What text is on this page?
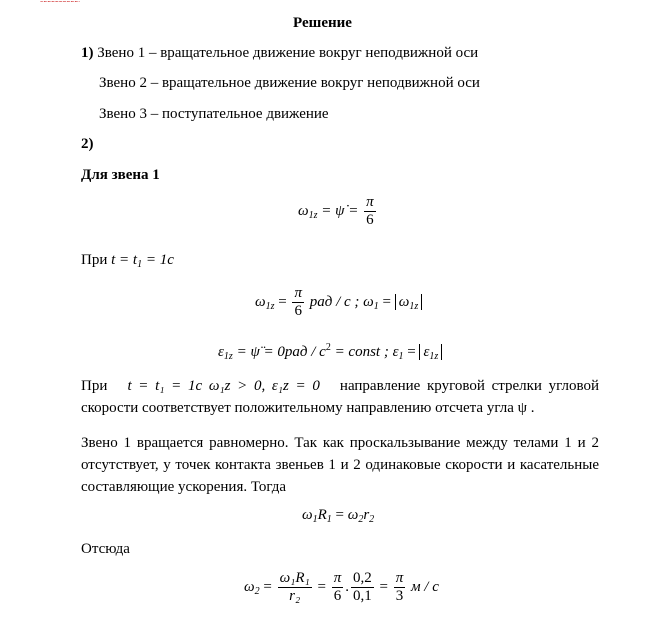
Решение
1) Звено 1 – вращательное движение вокруг неподвижной оси
Звено 2 – вращательное движение вокруг неподвижной оси
Звено 3 – поступательное движение
2)
Для звена 1
$\omega_{1z}$ = ψ̇ = $\frac{\pi}{6}$
При $t = t_1 = 1c$
$\omega_{1z} = \frac{\pi}{6}$ рад / c ; $\omega_1 = \omega_{1z}$
$\varepsilon_{1z}$ = ψ̈ = $0рад / c^2$ = const ; $\varepsilon_1 = \varepsilon_{1z}$
При t = t₁ = 1c ω₁z > 0, ε₁z = 0 направление круговой стрелки угловой скорости соответствует положительному направлению отсчета угла ψ .
Звено 1 вращается равномерно. Так как проскальзывание между телами 1 и 2 отсутствует, у точек контакта звеньев 1 и 2 одинаковые скорости и касательные составляющие ускорения. Тогда
$\omega_1R_1 = \omega_2r_2$
Отсюда
$\omega_2 = \frac{\text{ω₁R₁}}{\text{r₂}} = \frac{\pi}{6}$ . $\frac{0,2}{0,1} = \frac{\pi}{3}$ м / c
